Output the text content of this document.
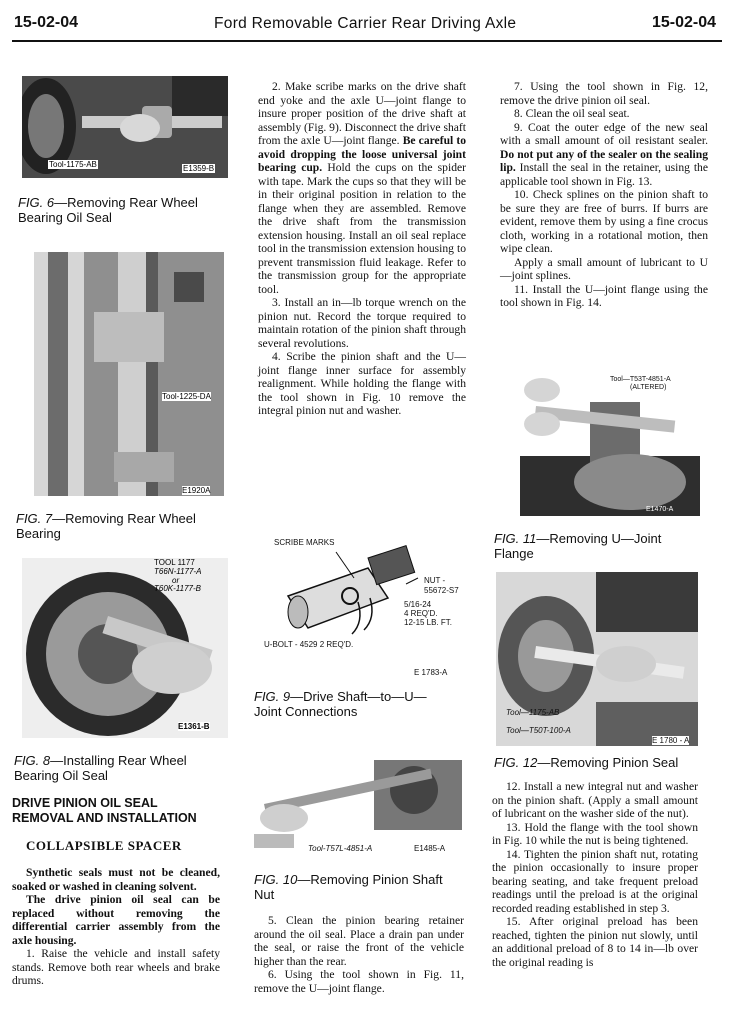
15-02-04	Ford Removable Carrier Rear Driving Axle	15-02-04
Tool-1175-AB	E1359-B
FIG. 6—Removing Rear Wheel Bearing Oil Seal
Tool-1225-DA
E1920A
FIG. 7—Removing Rear Wheel Bearing
TOOL 1177
T66N-1177-A
or
T60K-1177-B
E1361-B
FIG. 8—Installing Rear Wheel Bearing Oil Seal
DRIVE PINION OIL SEAL REMOVAL AND INSTALLATION
COLLAPSIBLE SPACER

Synthetic seals must not be cleaned, soaked or washed in cleaning solvent.

The drive pinion oil seal can be replaced without removing the differential carrier assembly from the axle housing.

1. Raise the vehicle and install safety stands. Remove both rear wheels and brake drums.

2. Make scribe marks on the drive shaft end yoke and the axle U—joint flange to insure proper position of the drive shaft at assembly (Fig. 9). Disconnect the drive shaft from the axle U—joint flange. Be careful to avoid dropping the loose universal joint bearing cup. Hold the cups on the spider with tape. Mark the cups so that they will be in their original position in relation to the flange when they are assembled. Remove the drive shaft from the transmission extension housing. Install an oil seal replace tool in the transmission extension housing to prevent transmission fluid leakage. Refer to the transmission group for the appropriate tool.

3. Install an in—lb torque wrench on the pinion nut. Record the torque required to maintain rotation of the pinion shaft through several revolutions.

4. Scribe the pinion shaft and the U—joint flange inner surface for assembly realignment. While holding the flange with the tool shown in Fig. 10 remove the integral pinion nut and washer.

SCRIBE MARKS
NUT -
55672-S7
5/16-24
4 REQ'D.
12-15 LB. FT.
U-BOLT - 4529 2 REQ'D.
E 1783-A
FIG. 9—Drive Shaft—to—U—Joint Connections
Tool-T57L-4851-A	E1485-A
FIG. 10—Removing Pinion Shaft Nut

5. Clean the pinion bearing retainer around the oil seal. Place a drain pan under the seal, or raise the front of the vehicle higher than the rear.

6. Using the tool shown in Fig. 11, remove the U—joint flange.

7. Using the tool shown in Fig. 12, remove the drive pinion oil seal.

8. Clean the oil seal seat.

9. Coat the outer edge of the new seal with a small amount of oil resistant sealer. Do not put any of the sealer on the sealing lip. Install the seal in the retainer, using the applicable tool shown in Fig. 13.

10. Check splines on the pinion shaft to be sure they are free of burrs. If burrs are evident, remove them by using a fine crocus cloth, working in a rotational motion, then wipe clean.

Apply a small amount of lubricant to U—joint splines.

11. Install the U—joint flange using the tool shown in Fig. 14.

Tool—T53T-4851-A
(ALTERED)
E1470-A
FIG. 11—Removing U—Joint Flange
Tool—1175-AB
Tool—T50T-100-A
E 1780 - A
FIG. 12—Removing Pinion Seal

12. Install a new integral nut and washer on the pinion shaft. (Apply a small amount of lubricant on the washer side of the nut).

13. Hold the flange with the tool shown in Fig. 10 while the nut is being tightened.

14. Tighten the pinion shaft nut, rotating the pinion occasionally to insure proper bearing seating, and take frequent preload readings until the preload is at the original recorded reading established in step 3.

15. After original preload has been reached, tighten the pinion nut slowly, until an additional preload of 8 to 14 in—lb over the original reading is
